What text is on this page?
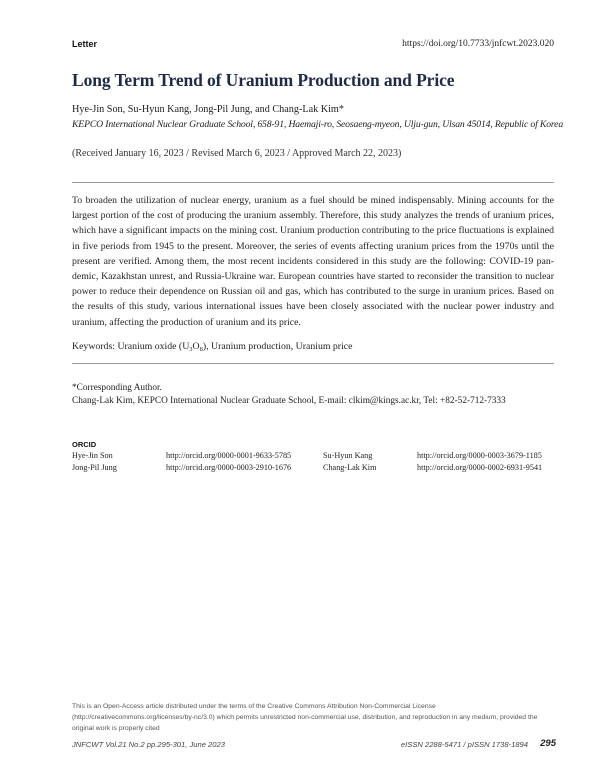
Letter	https://doi.org/10.7733/jnfcwt.2023.020
Long Term Trend of Uranium Production and Price
Hye-Jin Son, Su-Hyun Kang, Jong-Pil Jung, and Chang-Lak Kim*
KEPCO International Nuclear Graduate School, 658-91, Haemaji-ro, Seosaeng-myeon, Ulju-gun, Ulsan 45014, Republic of Korea
(Received January 16, 2023 / Revised March 6, 2023 / Approved March 22, 2023)

To broaden the utilization of nuclear energy, uranium as a fuel should be mined indispensably. Mining accounts for the largest portion of the cost of producing the uranium assembly. Therefore, this study analyzes the trends of uranium prices, which have a significant impacts on the mining cost. Uranium production contributing to the price fluctuations is explained in five periods from 1945 to the present. Moreover, the series of events affecting uranium prices from the 1970s until the present are verified. Among them, the most recent incidents considered in this study are the following: COVID-19 pan-demic, Kazakhstan unrest, and Russia-Ukraine war. European countries have started to reconsider the transition to nuclear power to reduce their dependence on Russian oil and gas, which has contributed to the surge in uranium prices. Based on the results of this study, various international issues have been closely associated with the nuclear power industry and uranium, affecting the production of uranium and its price.

Keywords: Uranium oxide $(U_3O_8)$, Uranium production, Uranium price
*Corresponding Author.
Chang-Lak Kim, KEPCO International Nuclear Graduate School, E-mail: clkim@kings.ac.kr, Tel: +82-52-712-7333
ORCID
Hye-Jin Son	http://orcid.org/0000-0001-9633-5785	Su-Hyun Kang	http://orcid.org/0000-0003-3679-1185
Jong-Pil Jung	http://orcid.org/0000-0003-2910-1676	Chang-Lak Kim	http://orcid.org/0000-0002-6931-9541

This is an Open-Access article distributed under the terms of the Creative Commons Attribution Non-Commercial License (http://creativecommons.org/licenses/by-nc/3.0) which permits unrestricted non-commercial use, distribution, and reproduction in any medium, provided the original work is properly cited

JNFCWT Vol.21 No.2 pp.295-301, June 2023	eISSN 2288-5471 / pISSN 1738-1894 295
